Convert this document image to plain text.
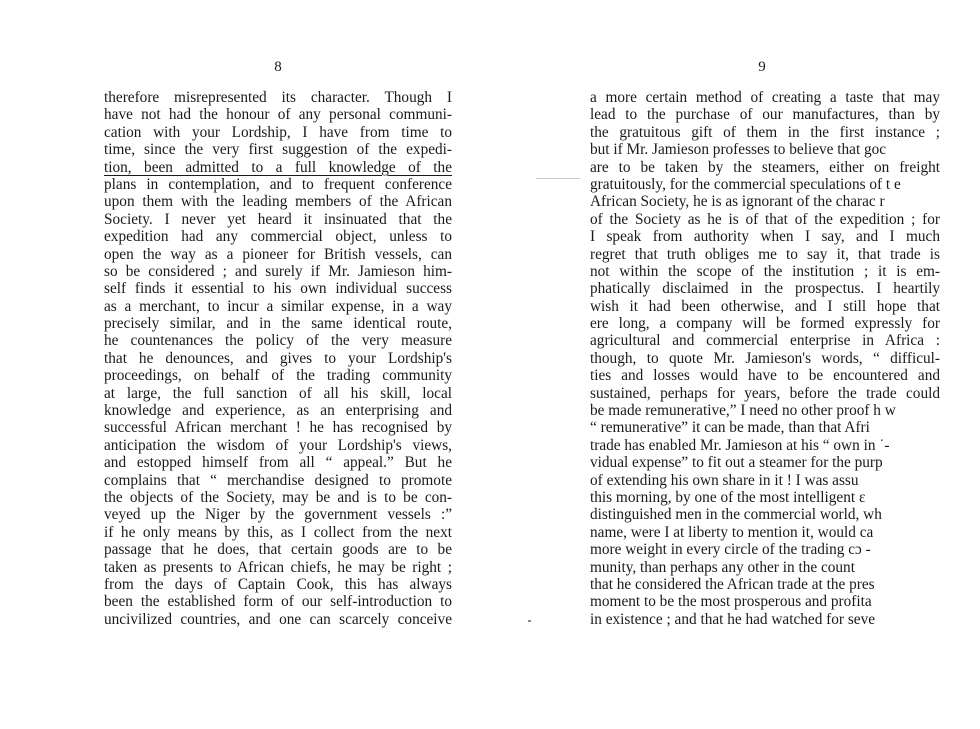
8	9
therefore misrepresented its character. Though I
have not had the honour of any personal communi-
cation with your Lordship, I have from time to
time, since the very first suggestion of the expedi-
tion, been admitted to a full knowledge of the
plans in contemplation, and to frequent conference
upon them with the leading members of the African
Society. I never yet heard it insinuated that the
expedition had any commercial object, unless to
open the way as a pioneer for British vessels, can
so be considered ; and surely if Mr. Jamieson him-
self finds it essential to his own individual success
as a merchant, to incur a similar expense, in a way
precisely similar, and in the same identical route,
he countenances the policy of the very measure
that he denounces, and gives to your Lordship's
proceedings, on behalf of the trading community
at large, the full sanction of all his skill, local
knowledge and experience, as an enterprising and
successful African merchant ! he has recognised by
anticipation the wisdom of your Lordship's views,
and estopped himself from all “ appeal.” But he
complains that “ merchandise designed to promote
the objects of the Society, may be and is to be con-
veyed up the Niger by the government vessels :”
if he only means by this, as I collect from the next
passage that he does, that certain goods are to be
taken as presents to African chiefs, he may be right ;
from the days of Captain Cook, this has always
been the established form of our self-introduction to
uncivilized countries, and one can scarcely conceive
a more certain method of creating a taste that may
lead to the purchase of our manufactures, than by
the gratuitous gift of them in the first instance ;
but if Mr. Jamieson professes to believe that goc
are to be taken by the steamers, either on freight
gratuitously, for the commercial speculations of t e
African Society, he is as ignorant of the charac r
of the Society as he is of that of the expedition ; for
I speak from authority when I say, and I much
regret that truth obliges me to say it, that trade is
not within the scope of the institution ; it is em-
phatically disclaimed in the prospectus. I heartily
wish it had been otherwise, and I still hope that
ere long, a company will be formed expressly for
agricultural and commercial enterprise in Africa :
though, to quote Mr. Jamieson's words, “ difficul-
ties and losses would have to be encountered and
sustained, perhaps for years, before the trade could
be made remunerative,” I need no other proof h w
“ remunerative” it can be made, than that Afri
trade has enabled Mr. Jamieson at his “ own in ˙-
vidual expense” to fit out a steamer for the purp
of extending his own share in it ! I was assu
this morning, by one of the most intelligent ɛ
distinguished men in the commercial world, wh
name, were I at liberty to mention it, would ca
more weight in every circle of the trading cɔ -
munity, than perhaps any other in the count
that he considered the African trade at the pres
moment to be the most prosperous and profita
in existence ; and that he had watched for seve
